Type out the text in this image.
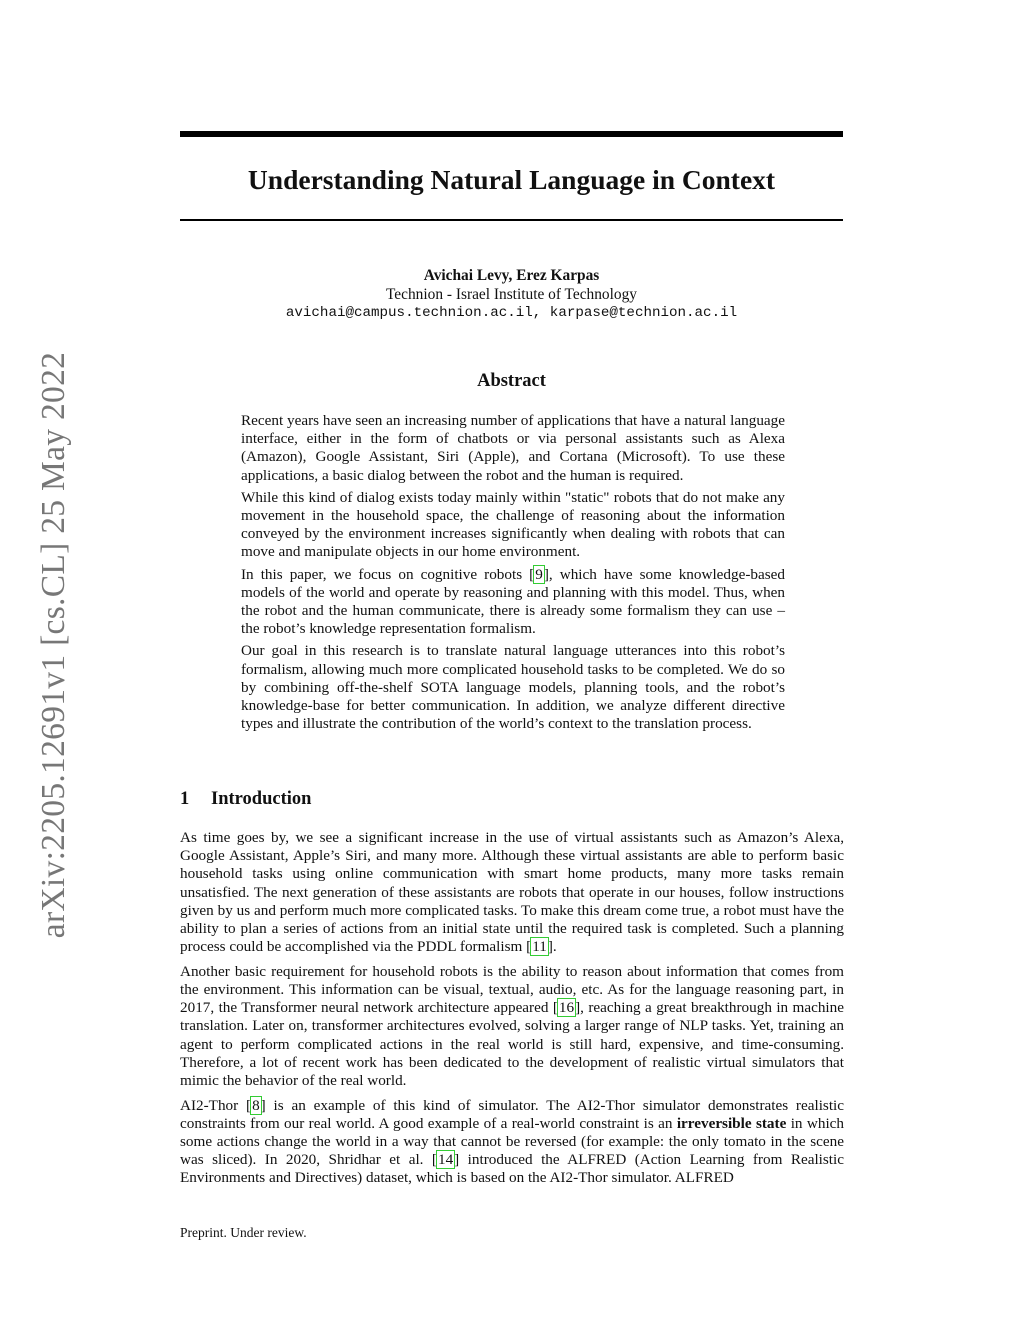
arXiv:2205.12691v1 [cs.CL] 25 May 2022
Understanding Natural Language in Context
Avichai Levy, Erez Karpas
Technion - Israel Institute of Technology
avichai@campus.technion.ac.il, karpase@technion.ac.il
Abstract

Recent years have seen an increasing number of applications that have a natural language interface, either in the form of chatbots or via personal assistants such as Alexa (Amazon), Google Assistant, Siri (Apple), and Cortana (Microsoft). To use these applications, a basic dialog between the robot and the human is required.

While this kind of dialog exists today mainly within "static" robots that do not make any movement in the household space, the challenge of reasoning about the information conveyed by the environment increases significantly when dealing with robots that can move and manipulate objects in our home environment.

In this paper, we focus on cognitive robots [9], which have some knowledge-based models of the world and operate by reasoning and planning with this model. Thus, when the robot and the human communicate, there is already some formalism they can use – the robot’s knowledge representation formalism.

Our goal in this research is to translate natural language utterances into this robot’s formalism, allowing much more complicated household tasks to be completed. We do so by combining off-the-shelf SOTA language models, planning tools, and the robot’s knowledge-base for better communication. In addition, we analyze different directive types and illustrate the contribution of the world’s context to the translation process.

1 Introduction

As time goes by, we see a significant increase in the use of virtual assistants such as Amazon’s Alexa, Google Assistant, Apple’s Siri, and many more. Although these virtual assistants are able to perform basic household tasks using online communication with smart home products, many more tasks remain unsatisfied. The next generation of these assistants are robots that operate in our houses, follow instructions given by us and perform much more complicated tasks. To make this dream come true, a robot must have the ability to plan a series of actions from an initial state until the required task is completed. Such a planning process could be accomplished via the PDDL formalism [11].

Another basic requirement for household robots is the ability to reason about information that comes from the environment. This information can be visual, textual, audio, etc. As for the language reasoning part, in 2017, the Transformer neural network architecture appeared [16], reaching a great breakthrough in machine translation. Later on, transformer architectures evolved, solving a larger range of NLP tasks. Yet, training an agent to perform complicated actions in the real world is still hard, expensive, and time-consuming. Therefore, a lot of recent work has been dedicated to the development of realistic virtual simulators that mimic the behavior of the real world.

AI2-Thor [8] is an example of this kind of simulator. The AI2-Thor simulator demonstrates realistic constraints from our real world. A good example of a real-world constraint is an irreversible state in which some actions change the world in a way that cannot be reversed (for example: the only tomato in the scene was sliced). In 2020, Shridhar et al. [14] introduced the ALFRED (Action Learning from Realistic Environments and Directives) dataset, which is based on the AI2-Thor simulator. ALFRED

Preprint. Under review.
